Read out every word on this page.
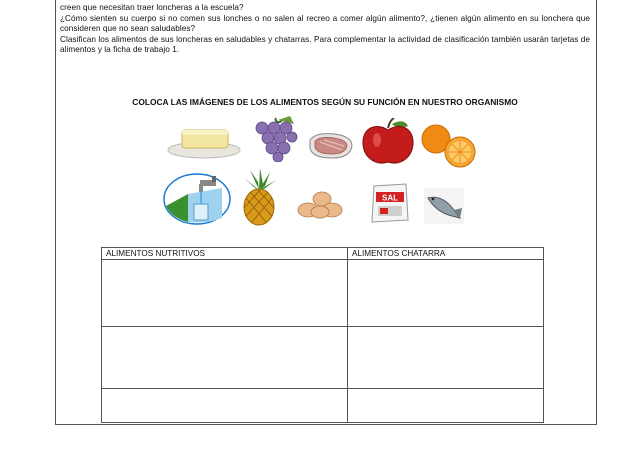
creen que necesitan traer loncheras a la escuela?

¿Cómo sienten su cuerpo si no comen sus lonches o no salen al recreo a comer algún alimento?, ¿tienen algún alimento en su lonchera que consideren que no sean saludables?

Clasifican los alimentos de sus loncheras en saludables y chatarras. Para complementar la actividad de clasificación también usarán tarjetas de alimentos y la ficha de trabajo 1.

COLOCA LAS IMÁGENES DE LOS ALIMENTOS SEGÚN SU FUNCIÓN EN NUESTRO ORGANISMO
SAL
ALIMENTOS NUTRITIVOS	ALIMENTOS CHATARRA
